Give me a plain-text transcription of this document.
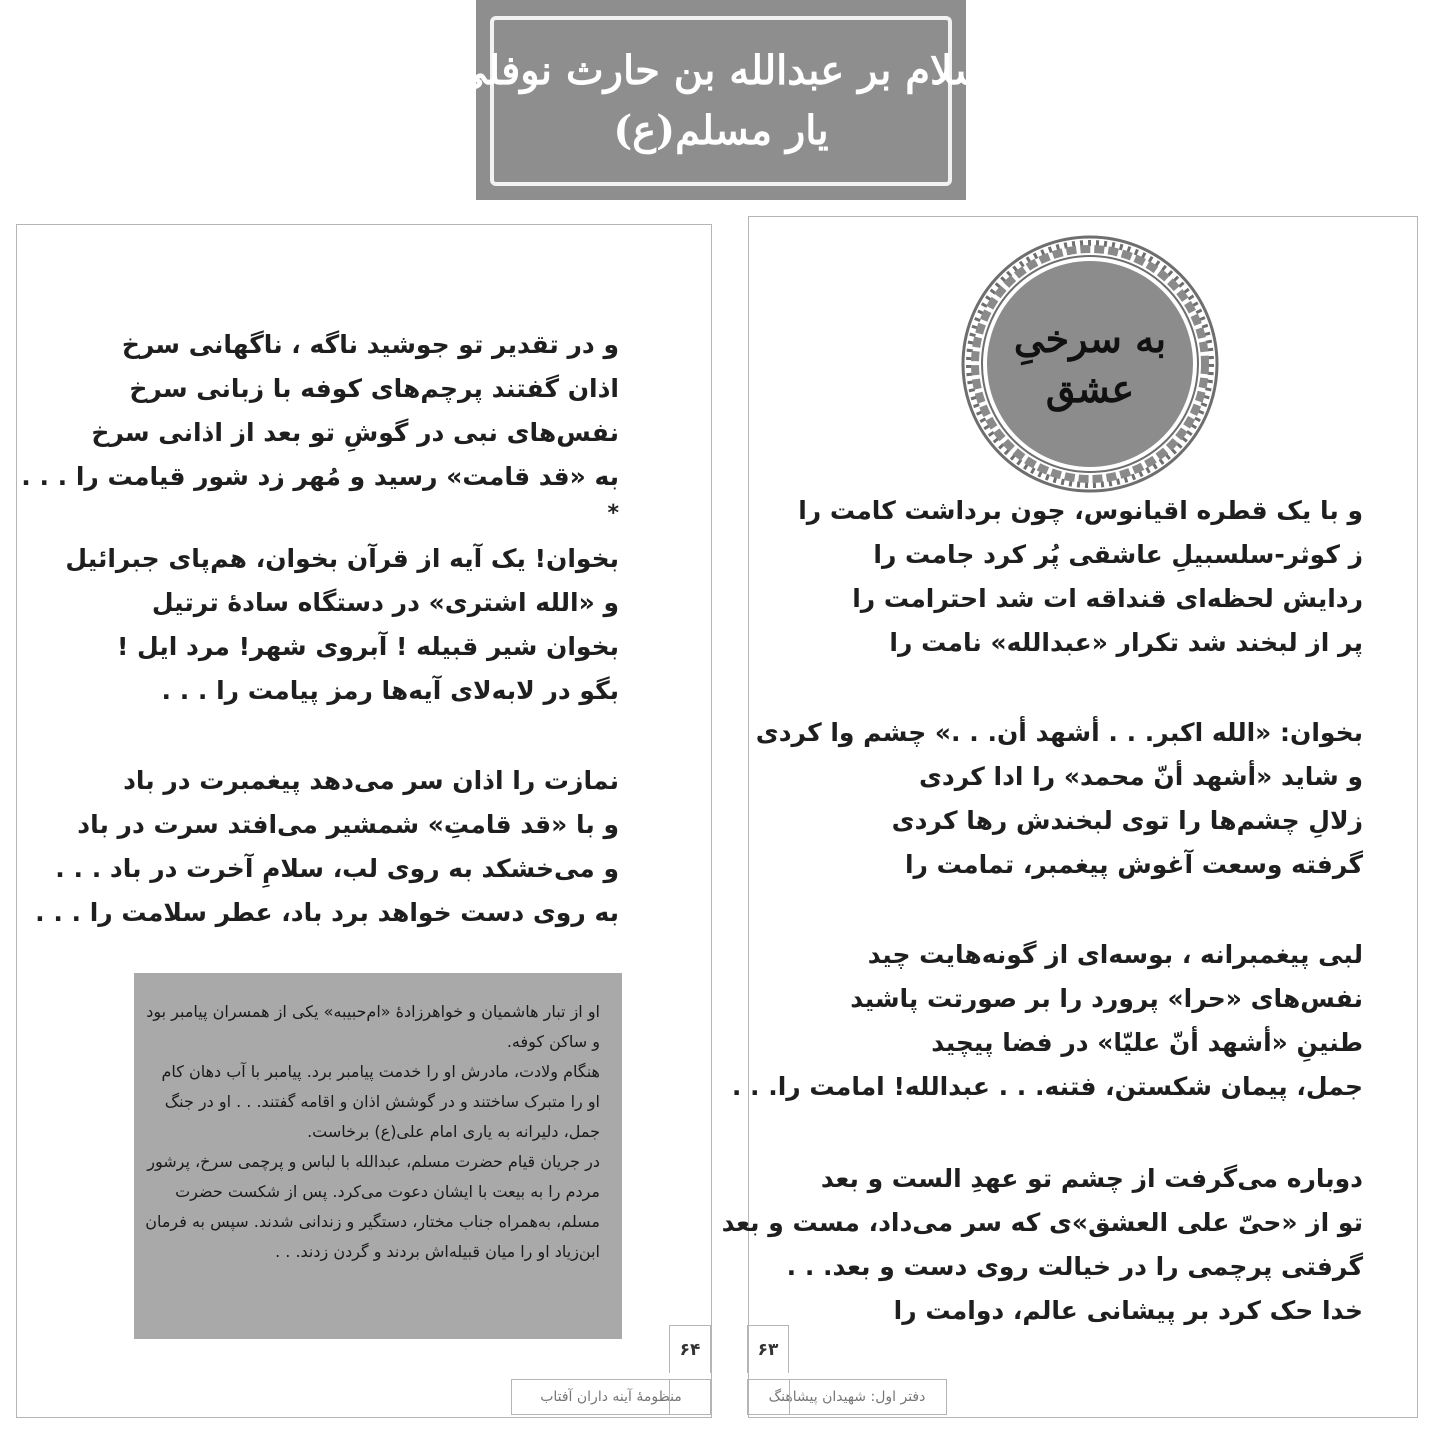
سلام بر عبدالله بن حارث نوفلی
یار مسلم(ع)
و در تقدیر تو جوشید ناگه ، ناگهانی سرخ
اذان گفتند پرچم‌های کوفه با زبانی سرخ
نفس‌های نبی در گوشِ تو بعد از اذانی سرخ
به «قد قامت» رسید و مُهر زد شور قیامت را . . .
*
بخوان! یک آیه از قرآن بخوان، هم‌پای جبرائیل
و «الله اشتری» در دستگاه سادهٔ ترتیل
بخوان شیر قبیله ! آبروی شهر! مرد ایل !
بگو در لابه‌لای آیه‌ها رمز پیامت را . . .
نمازت را اذان سر می‌دهد پیغمبرت در باد
و با «قد قامتِ» شمشیر می‌افتد سرت در باد
و می‌خشکد به روی لب، سلامِ آخرت در باد . . .
به روی دست خواهد برد باد، عطر سلامت را . . .
او از تبار هاشمیان و خواهرزادهٔ «ام‌حبیبه» یکی از همسران پیامبر بود
و ساکن کوفه.
هنگام ولادت، مادرش او را خدمت پیامبر برد. پیامبر با آب دهان کام
او را متبرک ساختند و در گوشش اذان و اقامه گفتند. . . او در جنگ
جمل، دلیرانه به یاری امام علی(ع) برخاست.
در جریان قیام حضرت مسلم، عبدالله با لباس و پرچمی سرخ، پرشور
مردم را به بیعت با ایشان دعوت می‌کرد. پس از شکست حضرت
مسلم، به‌همراه جناب مختار، دستگیر و زندانی شدند. سپس به فرمان
ابن‌زیاد او را میان قبیله‌اش بردند و گردن زدند. . .
۶۴
منظومهٔ آینه داران آفتاب
به سرخیِ
عشق
و با یک قطره اقیانوس، چون برداشت کامت را
ز کوثر-سلسبیلِ عاشقی پُر کرد جامت را
ردایش لحظه‌ای قنداقه ات شد احترامت را
پر از لبخند شد تکرار «عبدالله» نامت را
بخوان: «الله اکبر. . . أشهد أن. . .» چشم وا کردی
و شاید «أشهد أنّ محمد» را ادا کردی
زلالِ چشم‌ها را توی لبخندش رها کردی
گرفته وسعت آغوش پیغمبر، تمامت را
لبی پیغمبرانه ، بوسه‌ای از گونه‌هایت چید
نفس‌های «حرا» پرورد را بر صورتت پاشید
طنینِ «أشهد أنّ علیّا» در فضا پیچید
جمل، پیمان شکستن، فتنه. . . عبدالله! امامت را. . .
دوباره می‌گرفت از چشم تو عهدِ الست و بعد
تو از «حیّ علی العشق»ی که سر می‌داد، مست و بعد
گرفتی پرچمی را در خیالت روی دست و بعد. . .
خدا حک کرد بر پیشانی عالم، دوامت را
۶۳
دفتر اول: شهیدان پیشاهنگ
